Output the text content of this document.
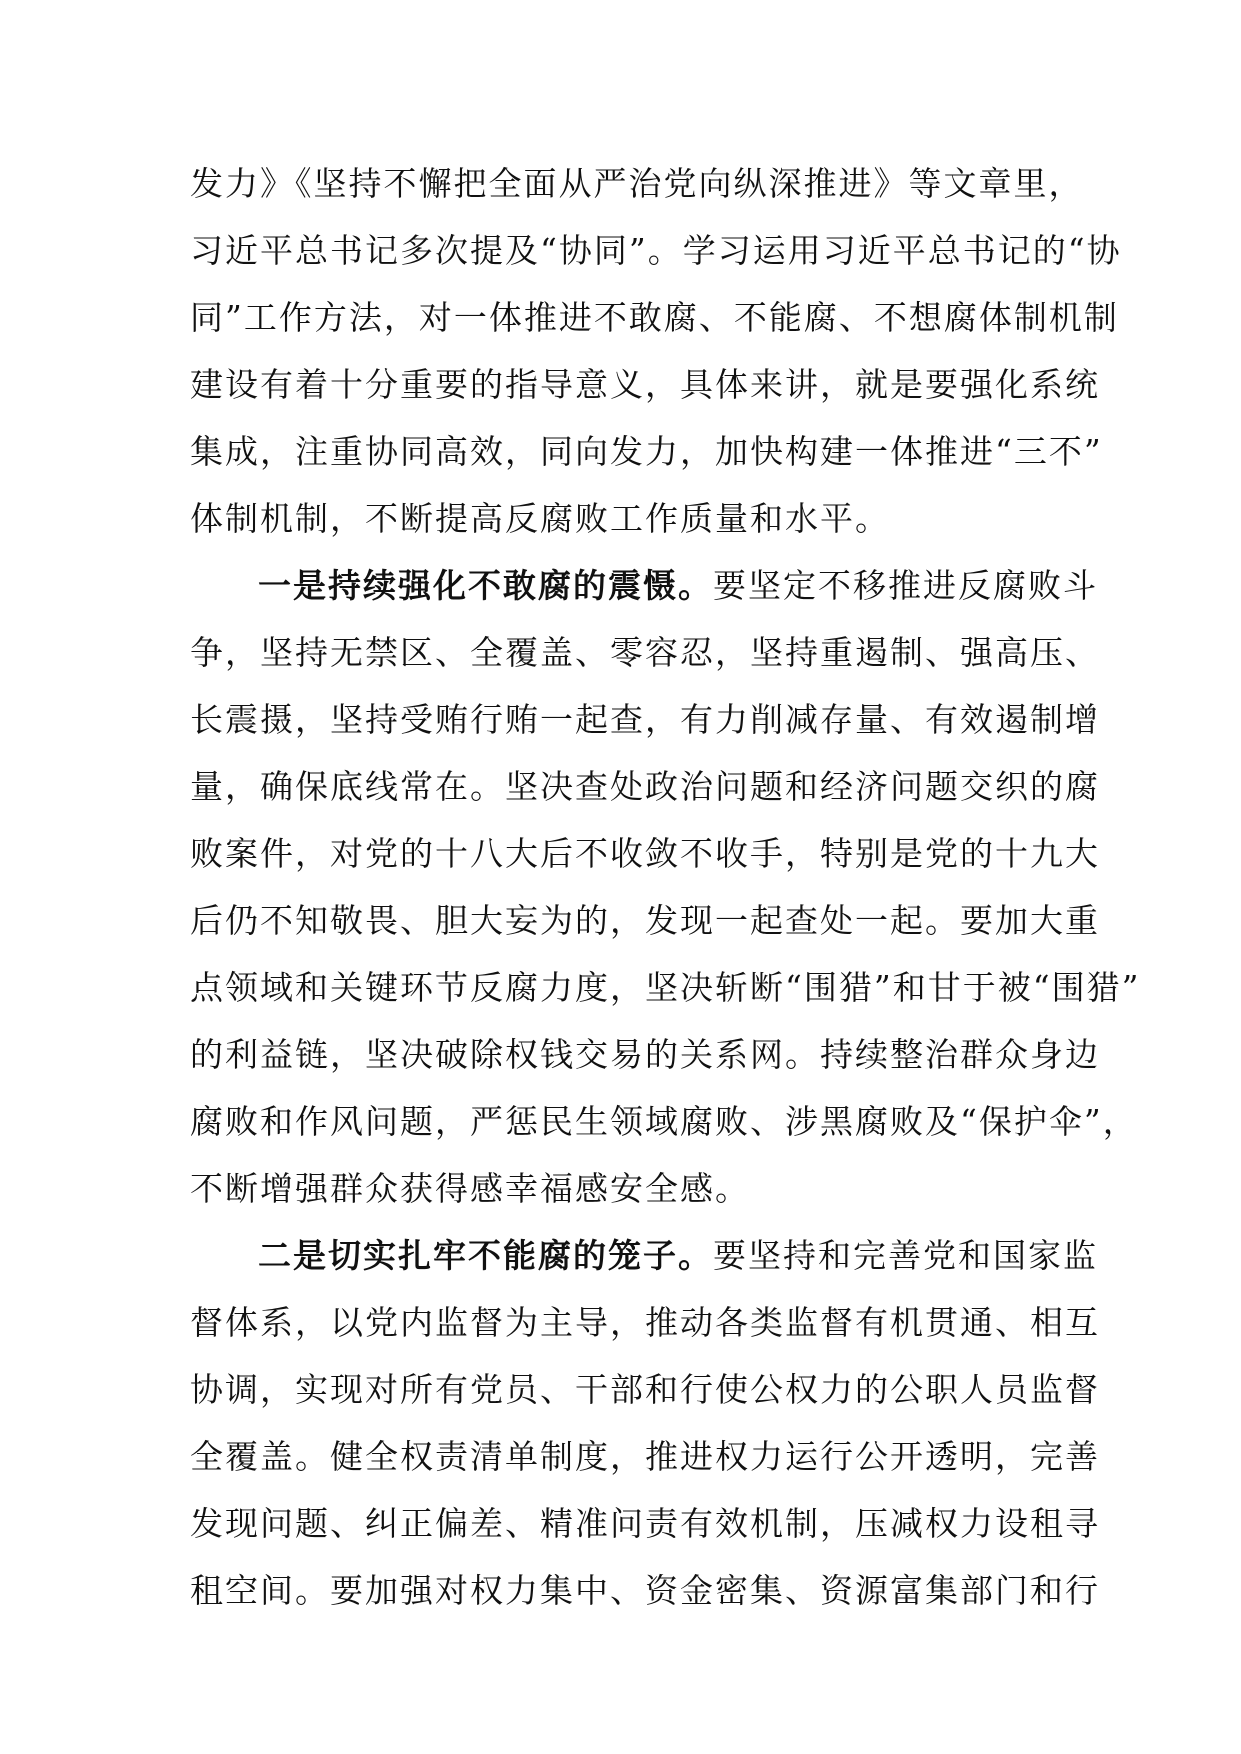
发力》《坚持不懈把全面从严治党向纵深推进》等文章里，
习近平总书记多次提及“协同”。学习运用习近平总书记的“协
同”工作方法，对一体推进不敢腐、不能腐、不想腐体制机制
建设有着十分重要的指导意义，具体来讲，就是要强化系统
集成，注重协同高效，同向发力，加快构建一体推进“三不”
体制机制，不断提高反腐败工作质量和水平。
一是持续强化不敢腐的震慑。要坚定不移推进反腐败斗
争，坚持无禁区、全覆盖、零容忍，坚持重遏制、强高压、
长震摄，坚持受贿行贿一起查，有力削减存量、有效遏制增
量，确保底线常在。坚决查处政治问题和经济问题交织的腐
败案件，对党的十八大后不收敛不收手，特别是党的十九大
后仍不知敬畏、胆大妄为的，发现一起查处一起。要加大重
点领域和关键环节反腐力度，坚决斩断“围猎”和甘于被“围猎”
的利益链，坚决破除权钱交易的关系网。持续整治群众身边
腐败和作风问题，严惩民生领域腐败、涉黑腐败及“保护伞”，
不断增强群众获得感幸福感安全感。
二是切实扎牢不能腐的笼子。要坚持和完善党和国家监
督体系，以党内监督为主导，推动各类监督有机贯通、相互
协调，实现对所有党员、干部和行使公权力的公职人员监督
全覆盖。健全权责清单制度，推进权力运行公开透明，完善
发现问题、纠正偏差、精准问责有效机制，压减权力设租寻
租空间。要加强对权力集中、资金密集、资源富集部门和行
